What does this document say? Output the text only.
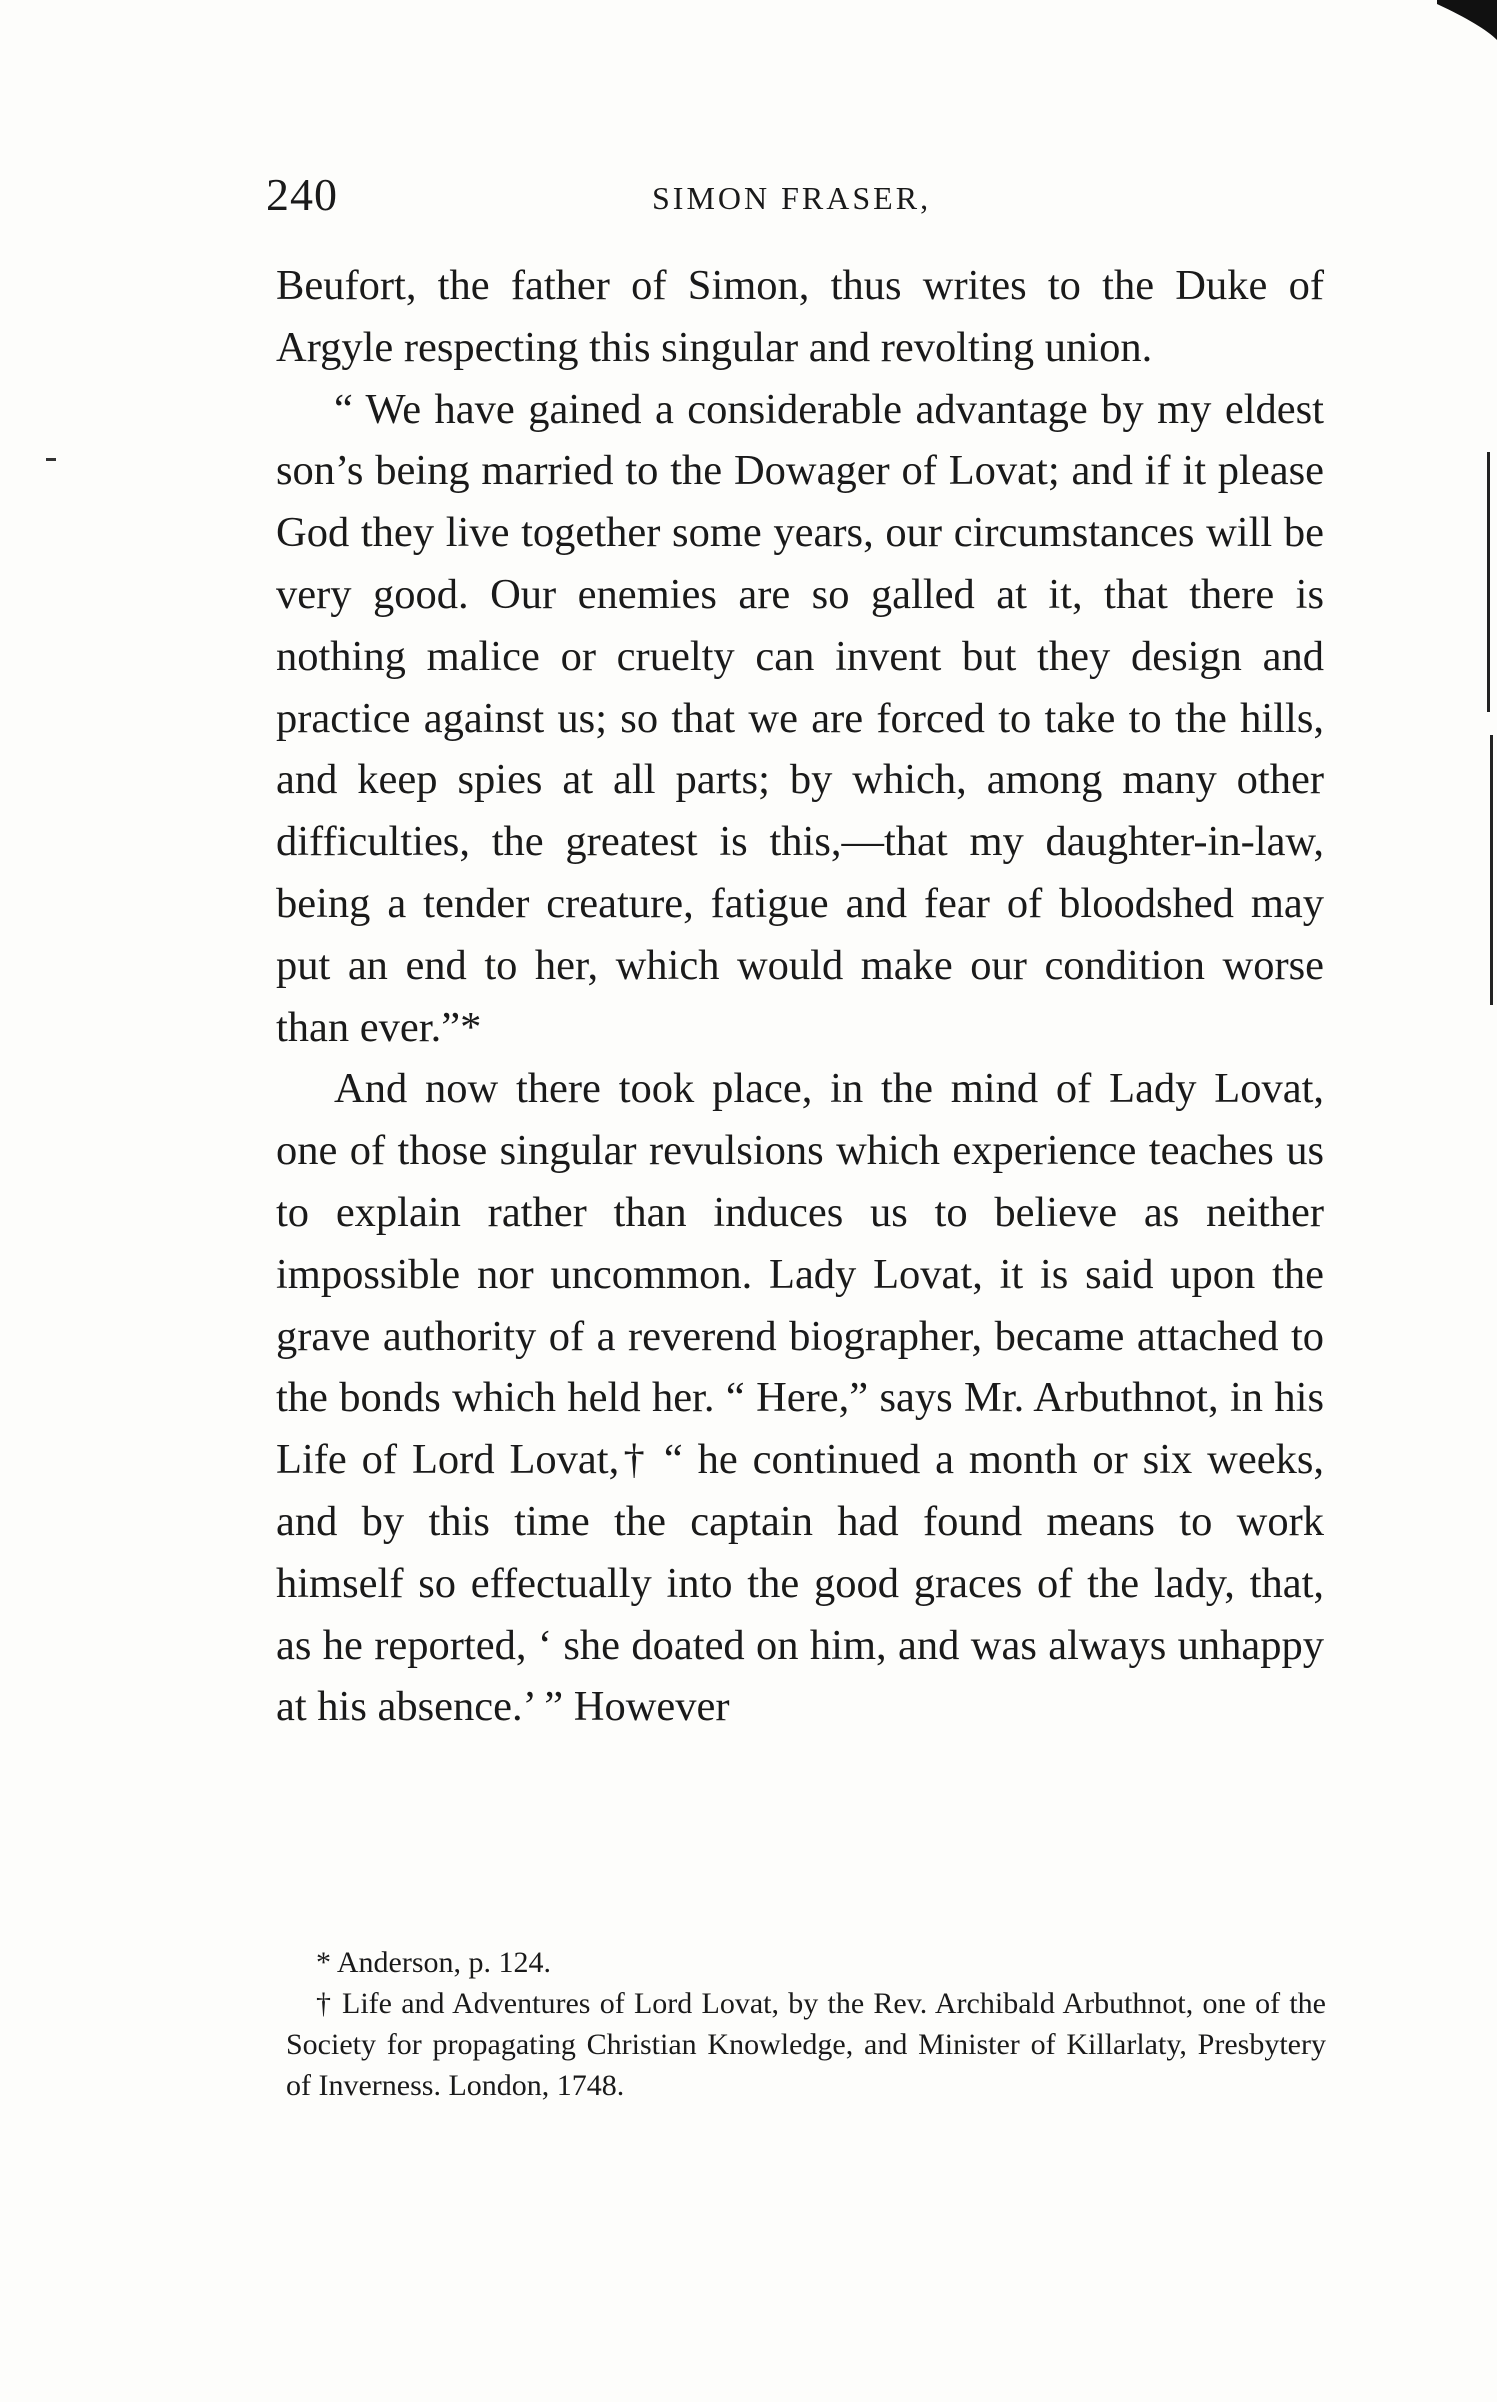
240	SIMON FRASER,

Beufort, the father of Simon, thus writes to the Duke of Argyle respecting this singular and revolting union.

“ We have gained a considerable advantage by my eldest son’s being married to the Dowager of Lovat; and if it please God they live together some years, our circumstances will be very good. Our enemies are so galled at it, that there is nothing malice or cruelty can invent but they design and practice against us; so that we are forced to take to the hills, and keep spies at all parts; by which, among many other difficulties, the greatest is this,—that my daughter-in-law, being a tender creature, fatigue and fear of bloodshed may put an end to her, which would make our condition worse than ever.”*

And now there took place, in the mind of Lady Lovat, one of those singular revulsions which experience teaches us to explain rather than induces us to believe as neither impossible nor uncommon. Lady Lovat, it is said upon the grave authority of a reverend biographer, became attached to the bonds which held her. “ Here,” says Mr. Arbuthnot, in his Life of Lord Lovat,† “ he continued a month or six weeks, and by this time the captain had found means to work himself so effectually into the good graces of the lady, that, as he reported, ‘ she doated on him, and was always unhappy at his absence.’ ” However

* Anderson, p. 124.

† Life and Adventures of Lord Lovat, by the Rev. Archibald Arbuthnot, one of the Society for propagating Christian Knowledge, and Minister of Killarlaty, Presbytery of Inverness. London, 1748.
